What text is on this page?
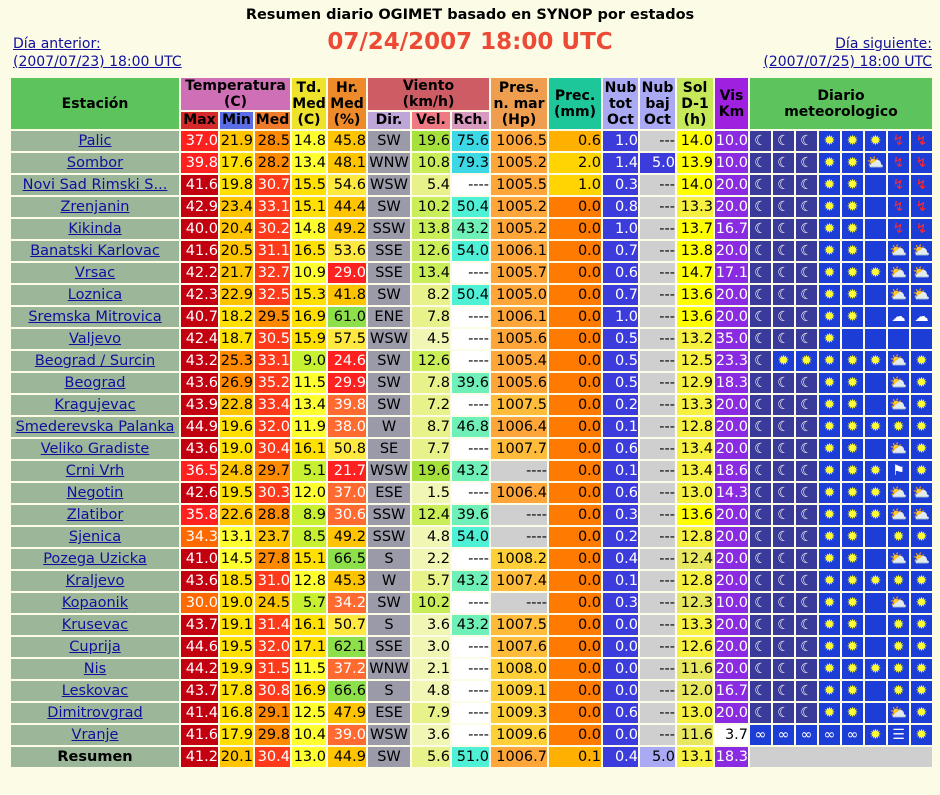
Resumen diario OGIMET basado en SYNOP por estados
Día anterior:
(2007/07/23) 18:00 UTC
07/24/2007 18:00 UTC	Día siguiente:
(2007/07/25) 18:00 UTC
Estación	Temperatura
(C)			Td.
Med
(C)	Hr.
Med
(%)	Viento
(km/h)			Pres.
n. mar
(Hp)	Prec.
(mm)	Nub
tot
Oct	Nub
baj
Oct	Sol
D-1
(h)	Vis
Km	Diario
meteorologico							
	Max	Min	Med			Dir.	Vel.	Rch.														
Palic	37.0	21.9	28.5	14.8	45.8	SW	19.6	75.6	1006.5	0.6	1.0	---	14.0	10.0	☾	☾	☾	✹	✹	✹	↯	↯
Sombor	39.8	17.6	28.2	13.4	48.1	WNW	10.8	79.3	1005.2	2.0	1.4	5.0	13.9	10.0	☾	☾	☾	✹	✹	⛅	↯	↯
Novi Sad Rimski S...	41.6	19.8	30.7	15.5	54.6	WSW	5.4	----	1005.5	1.0	0.3	---	14.0	20.0	☾	☾	☾	✹	✹		↯	↯
Zrenjanin	42.9	23.4	33.1	15.1	44.4	SW	10.2	50.4	1005.2	0.0	0.8	---	13.3	20.0	☾	☾	☾	✹	✹		↯	↯
Kikinda	40.0	20.4	30.2	14.8	49.2	SSW	13.8	43.2	1005.2	0.0	1.0	---	13.7	16.7	☾	☾	☾	✹	✹		↯	↯
Banatski Karlovac	41.6	20.5	31.1	16.5	53.6	SSE	12.6	54.0	1006.1	0.0	0.7	---	13.8	20.0	☾	☾	☾	✹	✹		⛅	⛅
Vrsac	42.2	21.7	32.7	10.9	29.0	SSE	13.4	----	1005.7	0.0	0.6	---	14.7	17.1	☾	☾	☾	✹	✹	✹	⛅	⛅
Loznica	42.3	22.9	32.5	15.3	41.8	SW	8.2	50.4	1005.0	0.0	0.7	---	13.6	20.0	☾	☾	☾	✹	✹		⛅	⛅
Sremska Mitrovica	40.7	18.2	29.5	16.9	61.0	ENE	7.8	----	1006.1	0.0	1.0	---	13.6	20.0	☾	☾	☾	✹	✹		☁	☁
Valjevo	42.4	18.7	30.5	15.9	57.5	WSW	4.5	----	1005.6	0.0	0.5	---	13.2	35.0	☾	☾	☾	✹				
Beograd / Surcin	43.2	25.3	33.1	9.0	24.6	SW	12.6	----	1005.4	0.0	0.5	---	12.5	23.3	☾	✹	✹	✹	✹	✹	⛅	✹
Beograd	43.6	26.9	35.2	11.5	29.9	SW	7.8	39.6	1005.6	0.0	0.5	---	12.9	18.3	☾	☾	☾	✹	✹		⛅	✹
Kragujevac	43.9	22.8	33.4	13.4	39.8	SW	7.2	----	1007.5	0.0	0.2	---	13.3	20.0	☾	☾	☾	✹	✹		⛅	✹
Smederevska Palanka	44.9	19.6	32.0	11.9	38.0	W	8.7	46.8	1006.4	0.0	0.1	---	12.8	20.0	☾	☾	☾	✹	✹	✹	✹	✹
Veliko Gradiste	43.6	19.0	30.4	16.1	50.8	SE	7.7	----	1007.7	0.0	0.6	---	13.4	20.0	☾	☾	☾	✹	✹		⛅	✹
Crni Vrh	36.5	24.8	29.7	5.1	21.7	WSW	19.6	43.2	----	0.0	0.1	---	13.4	18.6	☾	☾	☾	✹	✹	✹	⚑	✹
Negotin	42.6	19.5	30.3	12.0	37.0	ESE	1.5	----	1006.4	0.0	0.6	---	13.0	14.3	☾	☾	☾	✹	✹	✹	⛅	⛅
Zlatibor	35.8	22.6	28.8	8.9	30.6	SSW	12.4	39.6	----	0.0	0.3	---	13.6	20.0	☾	☾	☾	✹	✹	✹	⛅	⛅
Sjenica	34.3	13.1	23.7	8.5	49.2	SSW	4.8	54.0	----	0.0	0.2	---	12.8	20.0	☾	☾	☾	✹	✹		✹	✹
Pozega Uzicka	41.0	14.5	27.8	15.1	66.5	S	2.2	----	1008.2	0.0	0.4	---	12.4	20.0	☾	☾	☾	✹	✹		⛅	⛅
Kraljevo	43.6	18.5	31.0	12.8	45.3	W	5.7	43.2	1007.4	0.0	0.1	---	12.8	20.0	☾	☾	☾	✹	✹	✹	✹	✹
Kopaonik	30.0	19.0	24.5	5.7	34.2	SW	10.2	----	----	0.0	0.3	---	12.3	10.0	☾	☾	☾	✹	✹		⛅	✹
Krusevac	43.7	19.1	31.4	16.1	50.7	S	3.6	43.2	1007.5	0.0	0.0	---	13.3	20.0	☾	☾	☾	✹	✹		✹	✹
Cuprija	44.6	19.5	32.0	17.1	62.1	SSE	3.0	----	1007.6	0.0	0.0	---	12.6	20.0	☾	☾	☾	✹	✹		✹	✹
Nis	44.2	19.9	31.5	11.5	37.2	WNW	2.1	----	1008.0	0.0	0.0	---	11.6	20.0	☾	☾	☾	✹	✹	✹	✹	✹
Leskovac	43.7	17.8	30.8	16.9	66.6	S	4.8	----	1009.1	0.0	0.0	---	12.0	16.7	☾	☾	☾	✹	✹		✹	✹
Dimitrovgrad	41.4	16.8	29.1	12.5	47.9	ESE	7.9	----	1009.3	0.0	0.6	---	13.0	20.0	☾	☾	☾	✹	✹		⛅	✹
Vranje	41.6	17.9	29.8	10.4	39.0	WSW	3.6	----	1009.6	0.0	0.0	---	11.6	3.7	∞	∞	∞	∞	∞	✹	☰	✹
Resumen	41.2	20.1	30.4	13.0	44.9	SW	5.6	51.0	1006.7	0.1	0.4	5.0	13.1	18.3								
